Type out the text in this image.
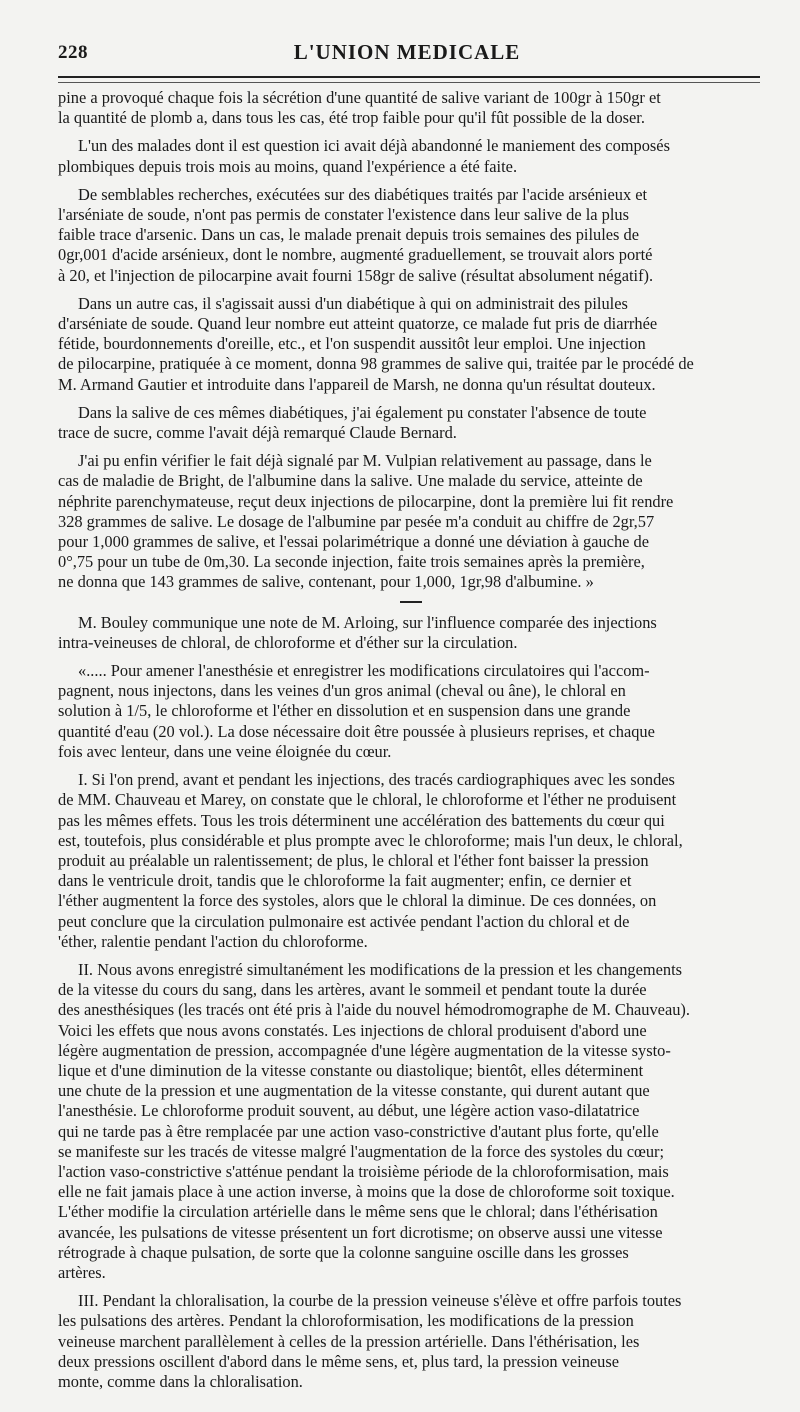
228	L'UNION MEDICALE
pine a provoqué chaque fois la sécrétion d'une quantité de salive variant de 100gr à 150gr et
la quantité de plomb a, dans tous les cas, été trop faible pour qu'il fût possible de la doser.
L'un des malades dont il est question ici avait déjà abandonné le maniement des composés
plombiques depuis trois mois au moins, quand l'expérience a été faite.
De semblables recherches, exécutées sur des diabétiques traités par l'acide arsénieux et
l'arséniate de soude, n'ont pas permis de constater l'existence dans leur salive de la plus
faible trace d'arsenic. Dans un cas, le malade prenait depuis trois semaines des pilules de
0gr,001 d'acide arsénieux, dont le nombre, augmenté graduellement, se trouvait alors porté
à 20, et l'injection de pilocarpine avait fourni 158gr de salive (résultat absolument négatif).
Dans un autre cas, il s'agissait aussi d'un diabétique à qui on administrait des pilules
d'arséniate de soude. Quand leur nombre eut atteint quatorze, ce malade fut pris de diarrhée
fétide, bourdonnements d'oreille, etc., et l'on suspendit aussitôt leur emploi. Une injection
de pilocarpine, pratiquée à ce moment, donna 98 grammes de salive qui, traitée par le procédé de
M. Armand Gautier et introduite dans l'appareil de Marsh, ne donna qu'un résultat douteux.
Dans la salive de ces mêmes diabétiques, j'ai également pu constater l'absence de toute
trace de sucre, comme l'avait déjà remarqué Claude Bernard.
J'ai pu enfin vérifier le fait déjà signalé par M. Vulpian relativement au passage, dans le
cas de maladie de Bright, de l'albumine dans la salive. Une malade du service, atteinte de
néphrite parenchymateuse, reçut deux injections de pilocarpine, dont la première lui fit rendre
328 grammes de salive. Le dosage de l'albumine par pesée m'a conduit au chiffre de 2gr,57
pour 1,000 grammes de salive, et l'essai polarimétrique a donné une déviation à gauche de
0°,75 pour un tube de 0m,30. La seconde injection, faite trois semaines après la première,
ne donna que 143 grammes de salive, contenant, pour 1,000, 1gr,98 d'albumine. »
M. Bouley communique une note de M. Arloing, sur l'influence comparée des injections
intra-veineuses de chloral, de chloroforme et d'éther sur la circulation.
«..... Pour amener l'anesthésie et enregistrer les modifications circulatoires qui l'accom-
pagnent, nous injectons, dans les veines d'un gros animal (cheval ou âne), le chloral en
solution à 1/5, le chloroforme et l'éther en dissolution et en suspension dans une grande
quantité d'eau (20 vol.). La dose nécessaire doit être poussée à plusieurs reprises, et chaque
fois avec lenteur, dans une veine éloignée du cœur.
I. Si l'on prend, avant et pendant les injections, des tracés cardiographiques avec les sondes
de MM. Chauveau et Marey, on constate que le chloral, le chloroforme et l'éther ne produisent
pas les mêmes effets. Tous les trois déterminent une accélération des battements du cœur qui
est, toutefois, plus considérable et plus prompte avec le chloroforme; mais l'un deux, le chloral,
produit au préalable un ralentissement; de plus, le chloral et l'éther font baisser la pression
dans le ventricule droit, tandis que le chloroforme la fait augmenter; enfin, ce dernier et
l'éther augmentent la force des systoles, alors que le chloral la diminue. De ces données, on
peut conclure que la circulation pulmonaire est activée pendant l'action du chloral et de
'éther, ralentie pendant l'action du chloroforme.
II. Nous avons enregistré simultanément les modifications de la pression et les changements
de la vitesse du cours du sang, dans les artères, avant le sommeil et pendant toute la durée
des anesthésiques (les tracés ont été pris à l'aide du nouvel hémodromographe de M. Chauveau).
Voici les effets que nous avons constatés. Les injections de chloral produisent d'abord une
légère augmentation de pression, accompagnée d'une légère augmentation de la vitesse systo-
lique et d'une diminution de la vitesse constante ou diastolique; bientôt, elles déterminent
une chute de la pression et une augmentation de la vitesse constante, qui durent autant que
l'anesthésie. Le chloroforme produit souvent, au début, une légère action vaso-dilatatrice
qui ne tarde pas à être remplacée par une action vaso-constrictive d'autant plus forte, qu'elle
se manifeste sur les tracés de vitesse malgré l'augmentation de la force des systoles du cœur;
l'action vaso-constrictive s'atténue pendant la troisième période de la chloroformisation, mais
elle ne fait jamais place à une action inverse, à moins que la dose de chloroforme soit toxique.
L'éther modifie la circulation artérielle dans le même sens que le chloral; dans l'éthérisation
avancée, les pulsations de vitesse présentent un fort dicrotisme; on observe aussi une vitesse
rétrograde à chaque pulsation, de sorte que la colonne sanguine oscille dans les grosses
artères.
III. Pendant la chloralisation, la courbe de la pression veineuse s'élève et offre parfois toutes
les pulsations des artères. Pendant la chloroformisation, les modifications de la pression
veineuse marchent parallèlement à celles de la pression artérielle. Dans l'éthérisation, les
deux pressions oscillent d'abord dans le même sens, et, plus tard, la pression veineuse
monte, comme dans la chloralisation.
